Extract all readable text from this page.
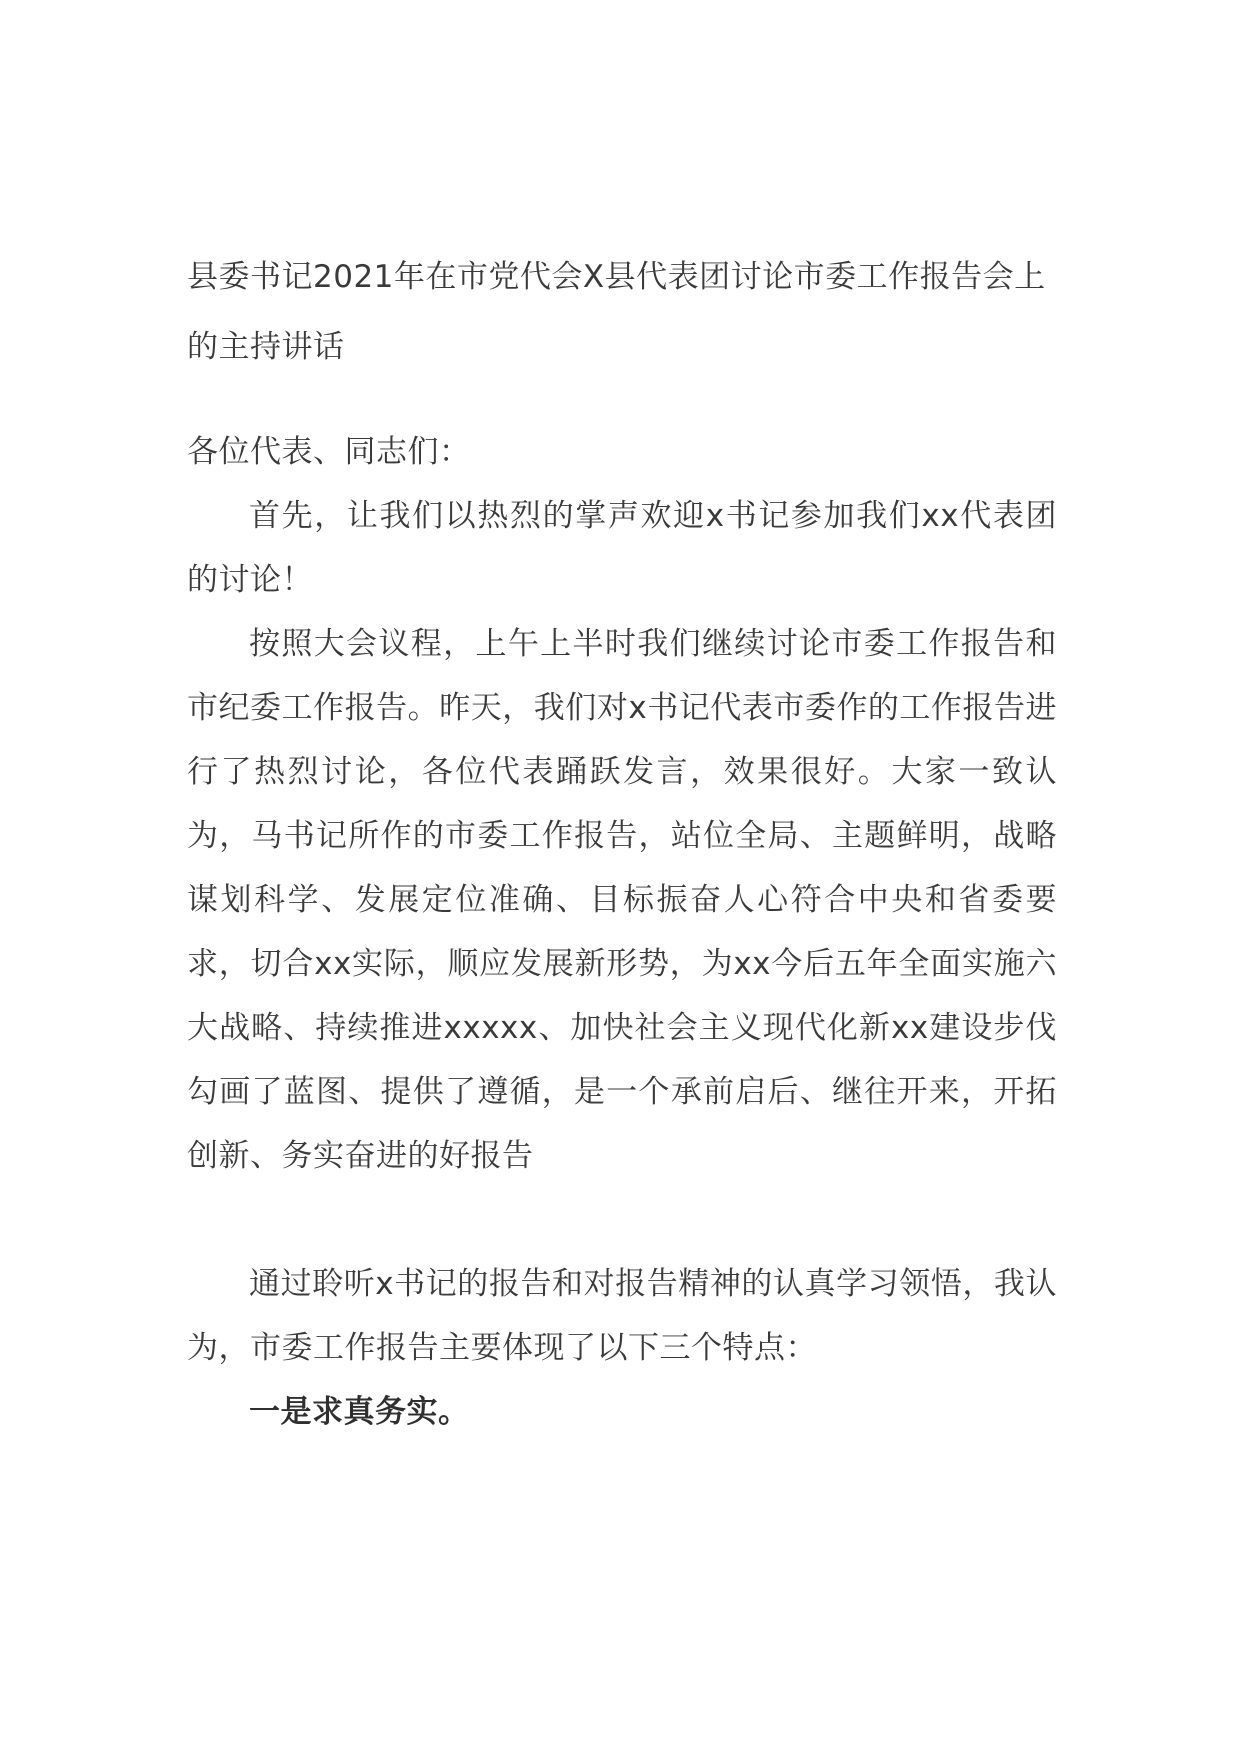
县委书记2021年在市党代会X县代表团讨论市委工作报告会上的主持讲话

各位代表、同志们：

首先，让我们以热烈的掌声欢迎x书记参加我们xx代表团的讨论！

按照大会议程，上午上半时我们继续讨论市委工作报告和市纪委工作报告。昨天，我们对x书记代表市委作的工作报告进行了热烈讨论，各位代表踊跃发言，效果很好。大家一致认为，马书记所作的市委工作报告，站位全局、主题鲜明，战略谋划科学、发展定位准确、目标振奋人心符合中央和省委要求，切合xx实际，顺应发展新形势，为xx今后五年全面实施六大战略、持续推进xxxxx、加快社会主义现代化新xx建设步伐勾画了蓝图、提供了遵循，是一个承前启后、继往开来，开拓创新、务实奋进的好报告

通过聆听x书记的报告和对报告精神的认真学习领悟，我认为，市委工作报告主要体现了以下三个特点：

一是求真务实。
